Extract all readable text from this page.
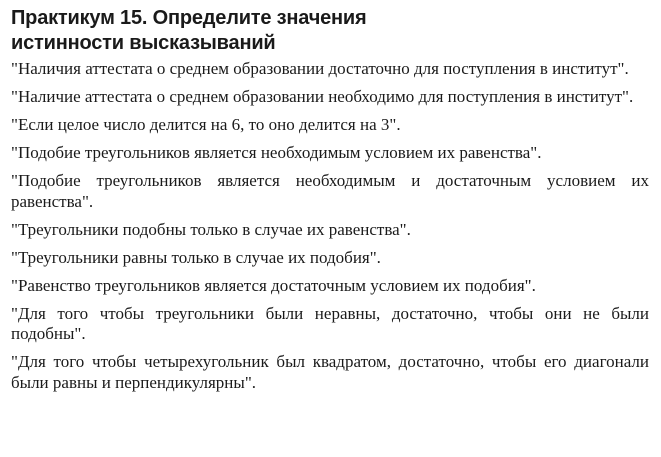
Практикум 15. Определите значения
истинности высказываний
"Наличия аттестата о среднем образовании достаточно для поступления в институт".
"Наличие аттестата о среднем образовании необходимо для поступления в институт".
"Если целое число делится на 6, то оно делится на 3".
"Подобие треугольников является необходимым условием их равенства".
"Подобие треугольников является необходимым и достаточным условием их равенства".
"Треугольники подобны только в случае их равенства".
"Треугольники равны только в случае их подобия".
"Равенство треугольников является достаточным условием их подобия".
"Для того чтобы треугольники были неравны, достаточно, чтобы они не были подобны".
"Для того чтобы четырехугольник был квадратом, достаточно, чтобы его диагонали были равны и перпендикулярны".
